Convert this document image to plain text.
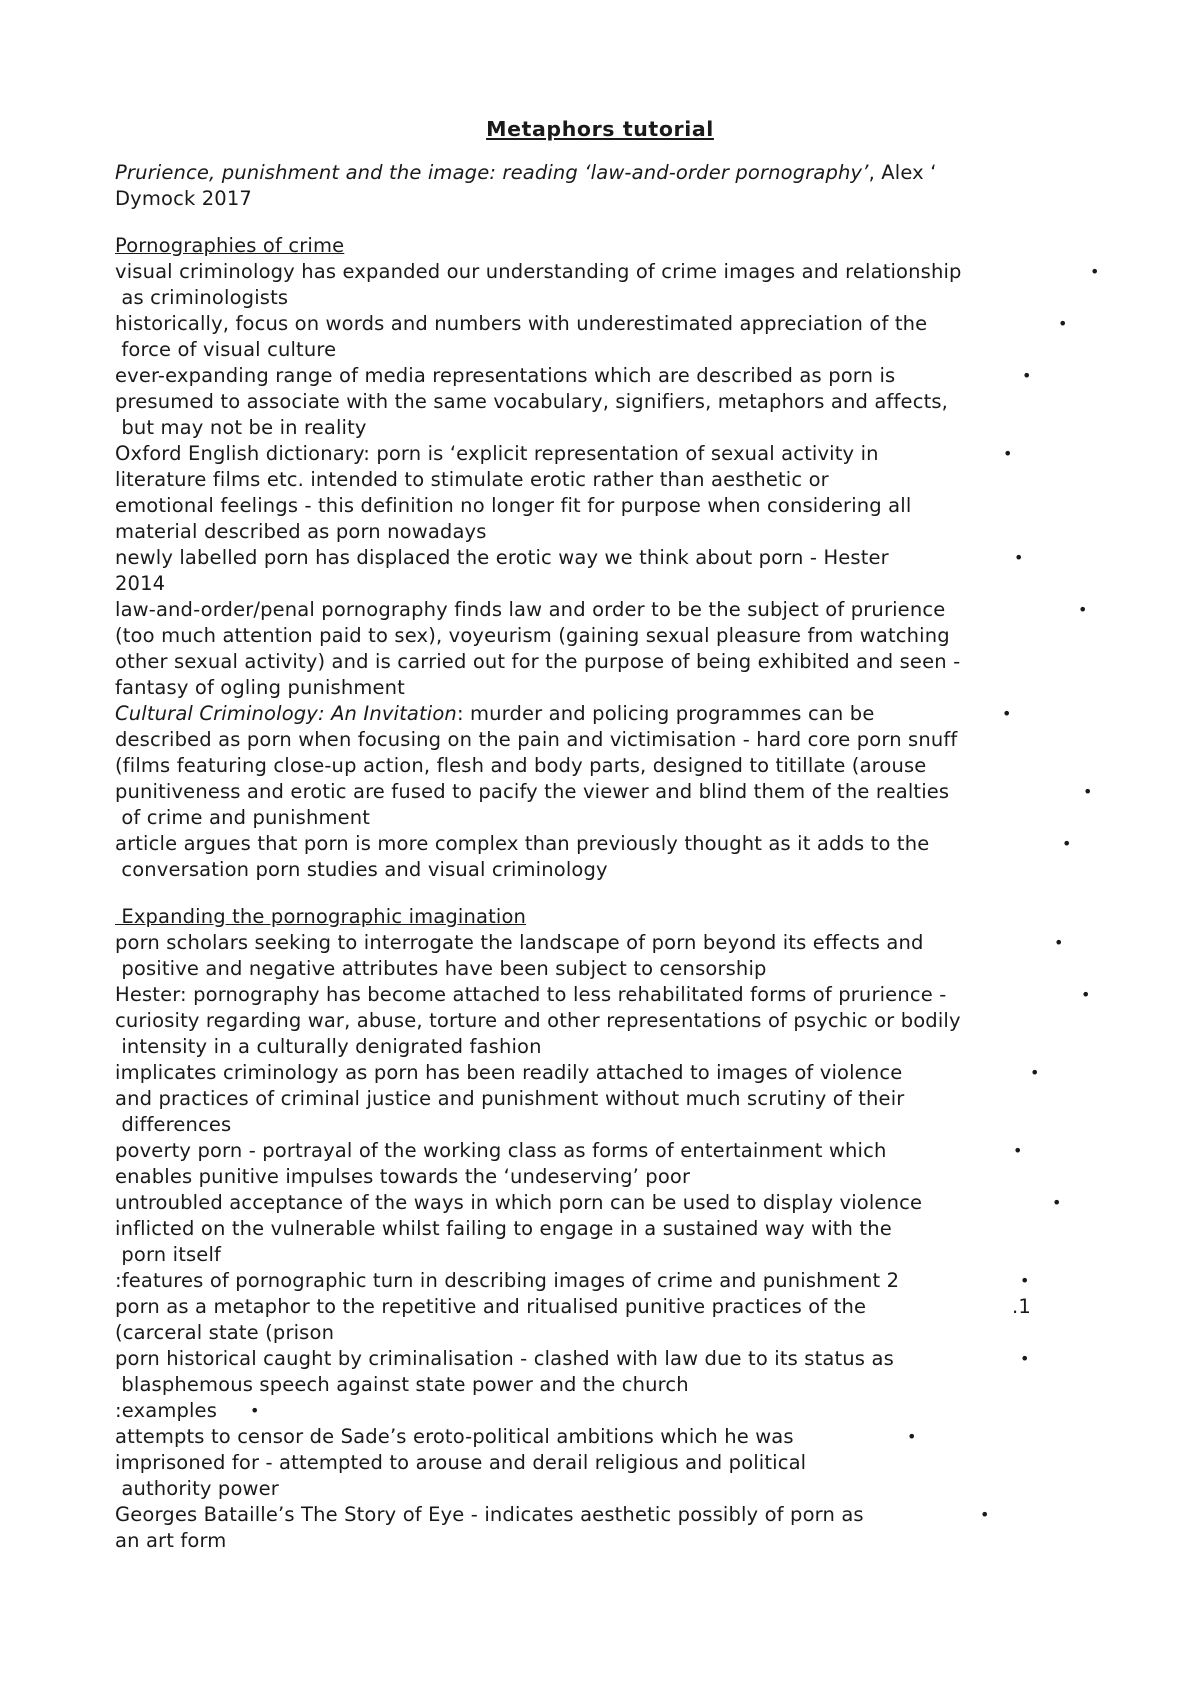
Metaphors tutorial
Prurience, punishment and the image: reading ‘law-and-order pornography’, Alex ‘
Dymock 2017
Pornographies of crime
visual criminology has expanded our understanding of crime images and relationship
as criminologists
historically, focus on words and numbers with underestimated appreciation of the
force of visual culture
ever-expanding range of media representations which are described as porn is
presumed to associate with the same vocabulary, signifiers, metaphors and affects,
but may not be in reality
Oxford English dictionary: porn is ‘explicit representation of sexual activity in
literature films etc. intended to stimulate erotic rather than aesthetic or
emotional feelings - this definition no longer fit for purpose when considering all
material described as porn nowadays
newly labelled porn has displaced the erotic way we think about porn - Hester
2014
law-and-order/penal pornography finds law and order to be the subject of prurience
(too much attention paid to sex), voyeurism (gaining sexual pleasure from watching
other sexual activity) and is carried out for the purpose of being exhibited and seen -
fantasy of ogling punishment
Cultural Criminology: An Invitation: murder and policing programmes can be
described as porn when focusing on the pain and victimisation - hard core porn snuff
(films featuring close-up action, flesh and body parts, designed to titillate (arouse
punitiveness and erotic are fused to pacify the viewer and blind them of the realties
of crime and punishment
article argues that porn is more complex than previously thought as it adds to the
conversation porn studies and visual criminology
Expanding the pornographic imagination
porn scholars seeking to interrogate the landscape of porn beyond its effects and
positive and negative attributes have been subject to censorship
Hester: pornography has become attached to less rehabilitated forms of prurience -
curiosity regarding war, abuse, torture and other representations of psychic or bodily
intensity in a culturally denigrated fashion
implicates criminology as porn has been readily attached to images of violence
and practices of criminal justice and punishment without much scrutiny of their
differences
poverty porn - portrayal of the working class as forms of entertainment which
enables punitive impulses towards the ‘undeserving’ poor
untroubled acceptance of the ways in which porn can be used to display violence
inflicted on the vulnerable whilst failing to engage in a sustained way with the
porn itself
:features of pornographic turn in describing images of crime and punishment 2
porn as a metaphor to the repetitive and ritualised punitive practices of the
(carceral state (prison
porn historical caught by criminalisation - clashed with law due to its status as
blasphemous speech against state power and the church
:examples
attempts to censor de Sade’s eroto-political ambitions which he was
imprisoned for - attempted to arouse and derail religious and political
authority power
Georges Bataille’s The Story of Eye - indicates aesthetic possibly of porn as
an art form
•
•
•
•
•
•
•
•
•
•
•
•
•
•
•
•
•
•
•
.1
